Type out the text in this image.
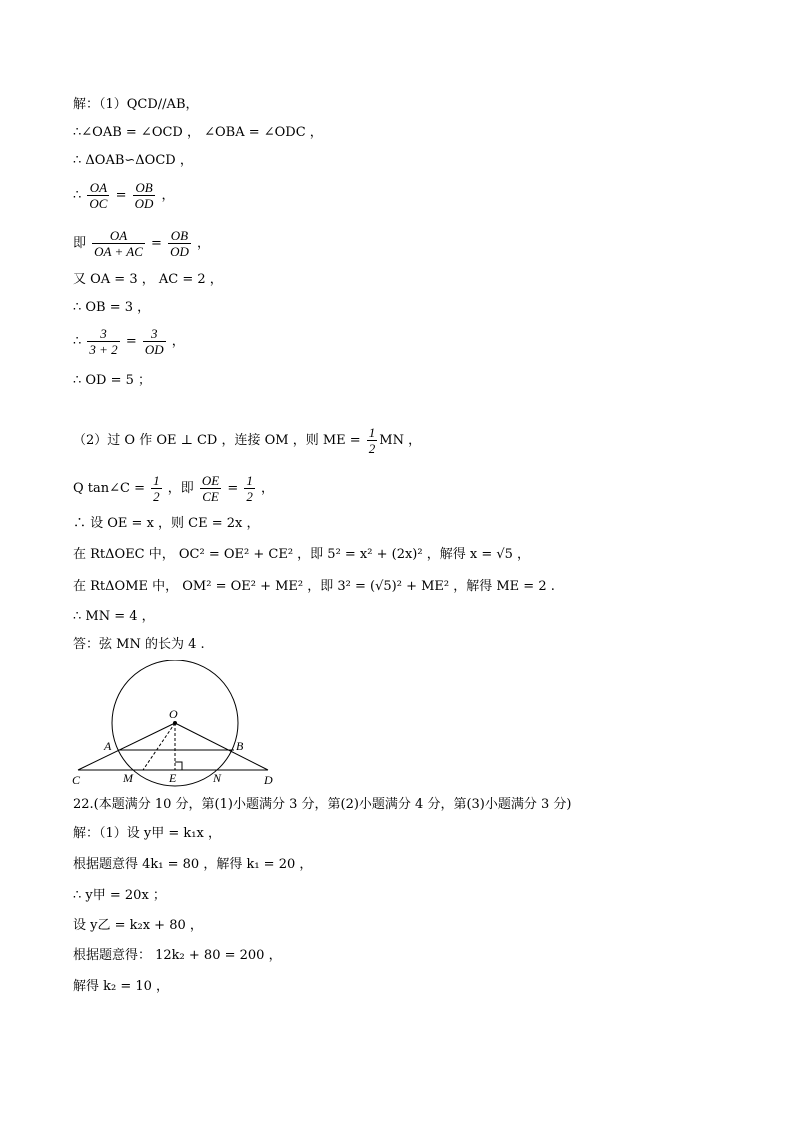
解：（1）QCD//AB，
∴∠OAB = ∠OCD ， ∠OBA = ∠ODC ，
∴ ΔOAB∽ΔOCD ，
∴ $\frac{OA}{OC} = \frac{OB}{OD}$ ，
即 $\frac{OA}{OA + AC} = \frac{OB}{OD}$ ，
又 OA = 3 ， AC = 2 ，
∴ OB = 3 ，
∴ $\frac{3}{3 + 2} = \frac{3}{OD}$ ，
∴ OD = 5 ；
（2）过 O 作 OE ⊥ CD ，连接 OM ，则 ME = $\frac{1}{2}$ MN ，
Q tan∠C = $\frac{1}{2}$ ，即 $\frac{OE}{CE} = \frac{1}{2}$ ，
∴ 设 OE = x ，则 CE = 2x ，
在 RtΔOEC 中， OC² = OE² + CE² ，即 5² = x² + (2x)² ，解得 x = √5 ，
在 RtΔOME 中， OM² = OE² + ME² ，即 3² = (√5)² + ME² ，解得 ME = 2 .
∴ MN = 4 ，
答：弦 MN 的长为 4 .
22.(本题满分 10 分，第(1)小题满分 3 分，第(2)小题满分 4 分，第(3)小题满分 3 分)
解：（1）设 y甲 = k₁x ，
根据题意得 4k₁ = 80 ，解得 k₁ = 20 ，
∴ y甲 = 20x ；
设 y乙 = k₂x + 80 ，
根据题意得： 12k₂ + 80 = 200 ，
解得 k₂ = 10 ，
O
A	B
C	M	E	N	D
